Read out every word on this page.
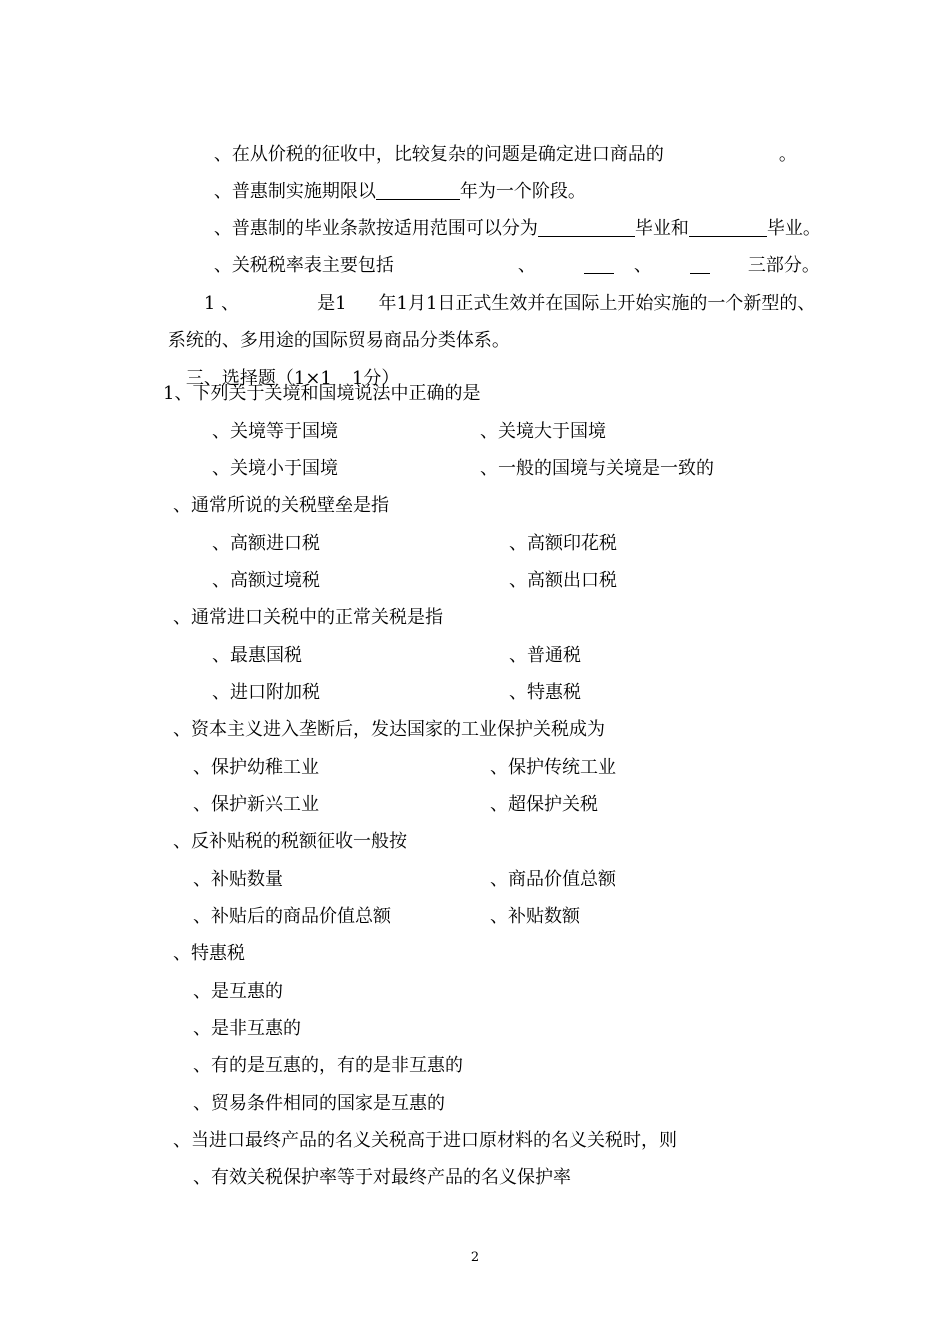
、在从价税的征收中，比较复杂的问题是确定进口商品的	。

、普惠制实施期限以	年为一个阶段。

、普惠制的毕业条款按适用范围可以分为	毕业和	毕业。

、关税税率表主要包括	、	、	三部分。

1 、	是1 年1月1日正式生效并在国际上开始实施的一个新型的、

系统的、多用途的国际贸易商品分类体系。

三、选择题（1×1 1分）

1、下列关于关境和国境说法中正确的是
、关境等于国境	、关境大于国境
、关境小于国境	、一般的国境与关境是一致的
、通常所说的关税壁垒是指
、高额进口税	、高额印花税
、高额过境税	、高额出口税
、通常进口关税中的正常关税是指
、最惠国税	、普通税
、进口附加税	、特惠税
、资本主义进入垄断后，发达国家的工业保护关税成为
、保护幼稚工业	、保护传统工业
、保护新兴工业	、超保护关税
、反补贴税的税额征收一般按
、补贴数量	、商品价值总额
、补贴后的商品价值总额	、补贴数额
、特惠税
、是互惠的
、是非互惠的
、有的是互惠的，有的是非互惠的
、贸易条件相同的国家是互惠的
、当进口最终产品的名义关税高于进口原材料的名义关税时，则
、有效关税保护率等于对最终产品的名义保护率
2
